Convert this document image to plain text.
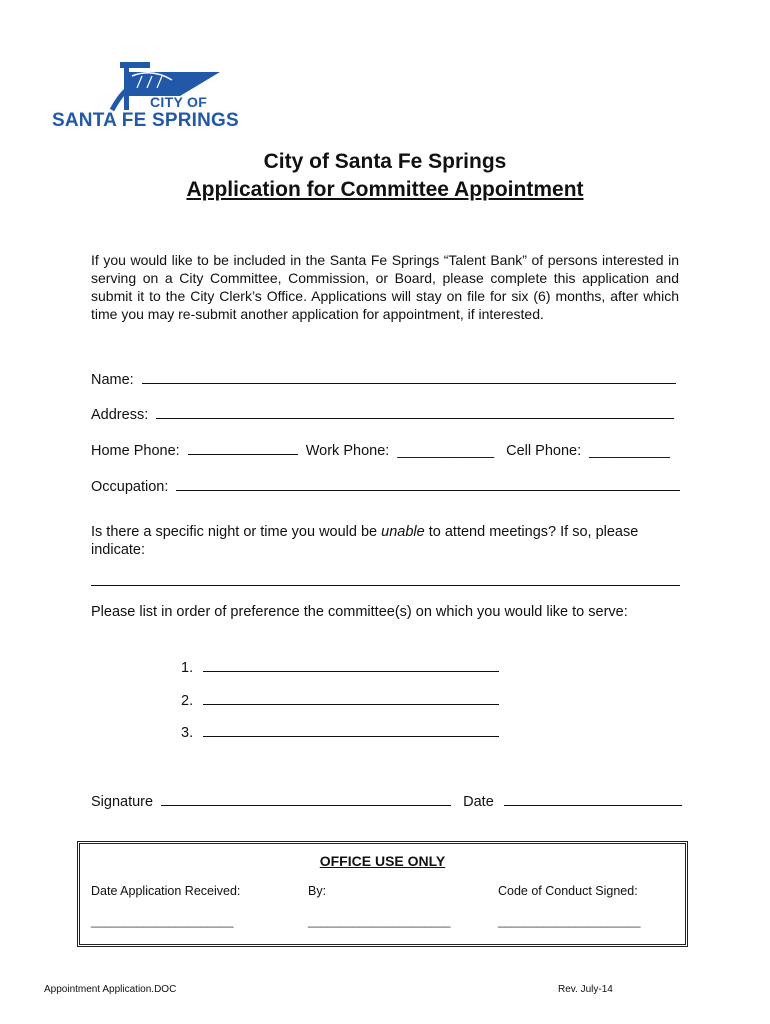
CITY OF
SANTA FE SPRINGS
City of Santa Fe Springs
Application for Committee Appointment
If you would like to be included in the Santa Fe Springs “Talent Bank” of persons interested in serving on a City Committee, Commission, or Board, please complete this application and submit it to the City Clerk’s Office. Applications will stay on file for six (6) months, after which time you may re-submit another application for appointment, if interested.
Name:
Address:
Home Phone:	Work Phone: ____________ Cell Phone: __________
Occupation:
Is there a specific night or time you would be unable to attend meetings? If so, please indicate:
Please list in order of preference the committee(s) on which you would like to serve:
1.
2.
3.
Signature	Date
OFFICE USE ONLY
Date Application Received:	By:	Code of Conduct Signed:
______________________	______________________	______________________
Appointment Application.DOC	Rev. July-14
